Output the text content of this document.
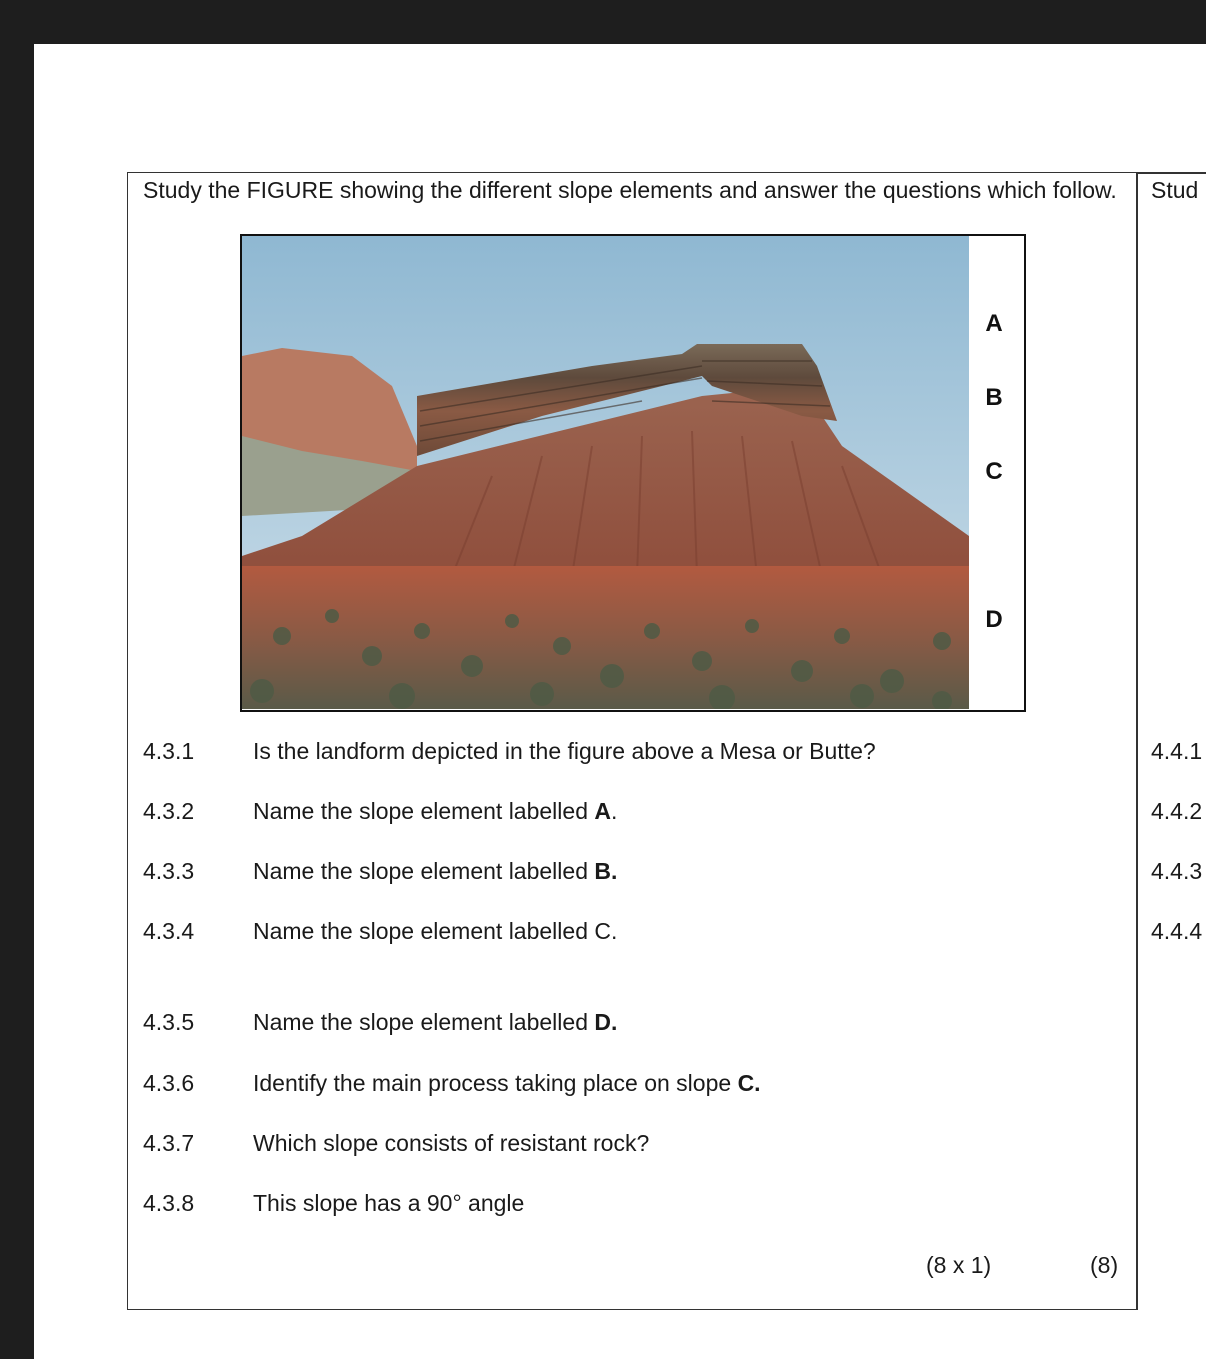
Study the FIGURE showing the different slope elements and answer the questions which follow.
A
B
C
D
4.3.1	Is the landform depicted in the figure above a Mesa or Butte?
4.3.2	Name the slope element labelled A.
4.3.3	Name the slope element labelled B.
4.3.4	Name the slope element labelled C.
4.3.5	Name the slope element labelled D.
4.3.6	Identify the main process taking place on slope C.
4.3.7	Which slope consists of resistant rock?
4.3.8	This slope has a 90° angle
(8 x 1)	(8)
Stud
4.4.1
4.4.2
4.4.3
4.4.4
